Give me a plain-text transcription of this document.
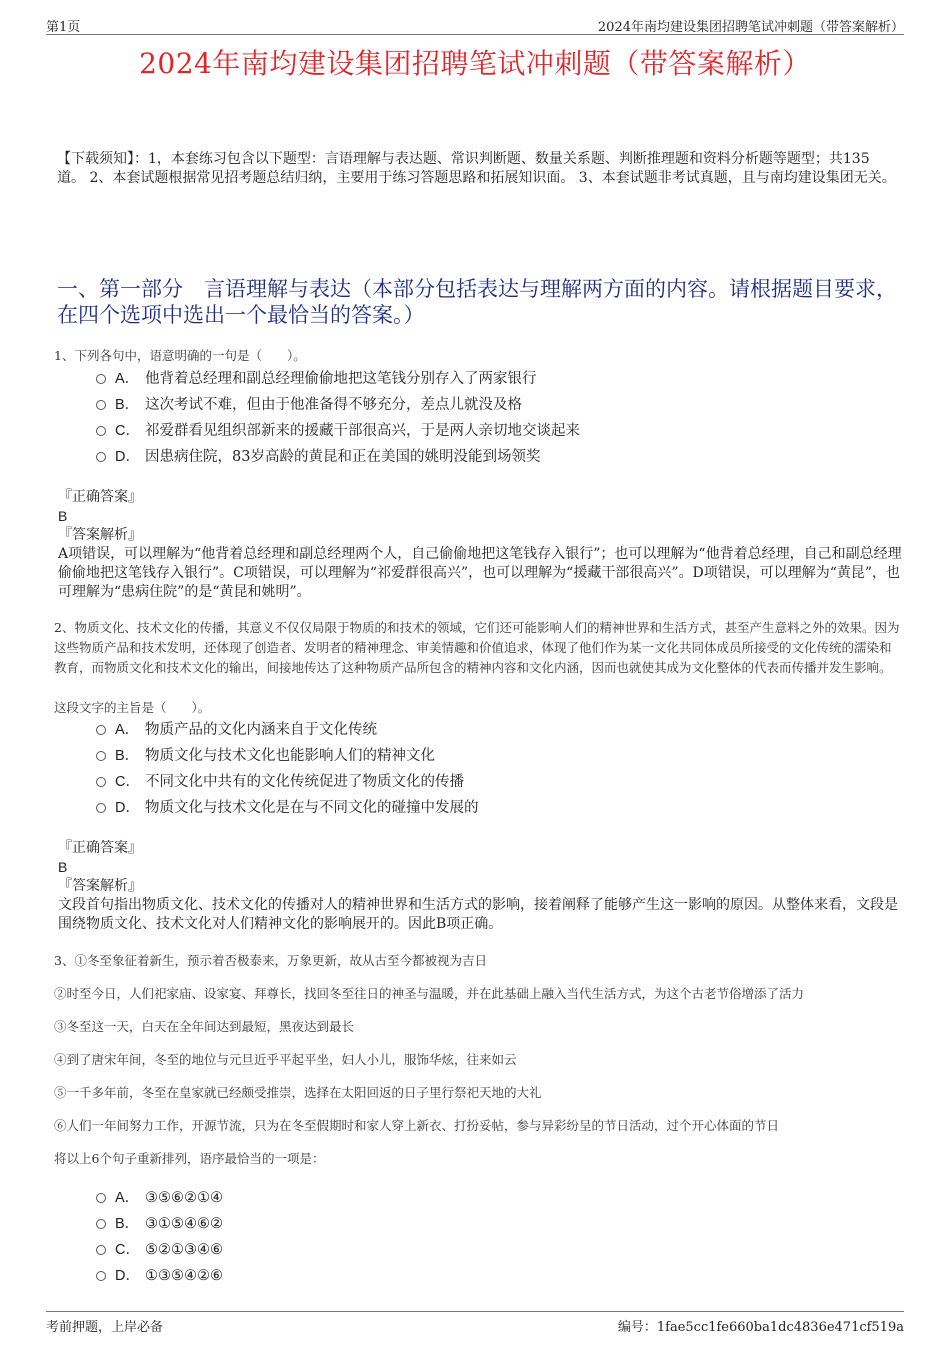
第1页	2024年南均建设集团招聘笔试冲刺题（带答案解析）
2024年南均建设集团招聘笔试冲刺题（带答案解析）
【下载须知】：1，本套练习包含以下题型：言语理解与表达题、常识判断题、数量关系题、判断推理题和资料分析题等题型；共135道。 2、本套试题根据常见招考题总结归纳，主要用于练习答题思路和拓展知识面。 3、本套试题非考试真题，且与南均建设集团无关。
一、第一部分　言语理解与表达（本部分包括表达与理解两方面的内容。请根据题目要求，在四个选项中选出一个最恰当的答案。）
1、下列各句中，语意明确的一句是（　　）。
A． 他背着总经理和副总经理偷偷地把这笔钱分别存入了两家银行
B． 这次考试不难，但由于他准备得不够充分，差点儿就没及格
C． 祁爱群看见组织部新来的援藏干部很高兴，于是两人亲切地交谈起来
D． 因患病住院，83岁高龄的黄昆和正在美国的姚明没能到场领奖
『正确答案』
B
『答案解析』
A项错误，可以理解为“他背着总经理和副总经理两个人，自己偷偷地把这笔钱存入银行”；也可以理解为“他背着总经理，自己和副总经理偷偷地把这笔钱存入银行”。C项错误，可以理解为“祁爱群很高兴”，也可以理解为“援藏干部很高兴”。D项错误，可以理解为“黄昆”，也可理解为“患病住院”的是“黄昆和姚明”。
2、物质文化、技术文化的传播，其意义不仅仅局限于物质的和技术的领域，它们还可能影响人们的精神世界和生活方式，甚至产生意料之外的效果。因为这些物质产品和技术发明，还体现了创造者、发明者的精神理念、审美情趣和价值追求，体现了他们作为某一文化共同体成员所接受的文化传统的濡染和教育，而物质文化和技术文化的输出，间接地传达了这种物质产品所包含的精神内容和文化内涵，因而也就使其成为文化整体的代表而传播并发生影响。
这段文字的主旨是（　　）。
A． 物质产品的文化内涵来自于文化传统
B． 物质文化与技术文化也能影响人们的精神文化
C． 不同文化中共有的文化传统促进了物质文化的传播
D． 物质文化与技术文化是在与不同文化的碰撞中发展的
『正确答案』
B
『答案解析』
文段首句指出物质文化、技术文化的传播对人的精神世界和生活方式的影响，接着阐释了能够产生这一影响的原因。从整体来看，文段是围绕物质文化、技术文化对人们精神文化的影响展开的。因此B项正确。
3、①冬至象征着新生，预示着否极泰来，万象更新，故从古至今都被视为吉日
②时至今日，人们祀家庙、设家宴、拜尊长，找回冬至往日的神圣与温暖，并在此基础上融入当代生活方式，为这个古老节俗增添了活力
③冬至这一天，白天在全年间达到最短，黑夜达到最长
④到了唐宋年间，冬至的地位与元旦近乎平起平坐，妇人小儿，服饰华炫，往来如云
⑤一千多年前，冬至在皇家就已经颇受推崇，选择在太阳回返的日子里行祭祀天地的大礼
⑥人们一年间努力工作，开源节流，只为在冬至假期时和家人穿上新衣、打扮妥帖，参与异彩纷呈的节日活动，过个开心体面的节日
将以上6个句子重新排列，语序最恰当的一项是：
A． ③⑤⑥②①④
B． ③①⑤④⑥②
C． ⑤②①③④⑥
D． ①③⑤④②⑥
考前押题，上岸必备	编号：1fae5cc1fe660ba1dc4836e471cf519a
